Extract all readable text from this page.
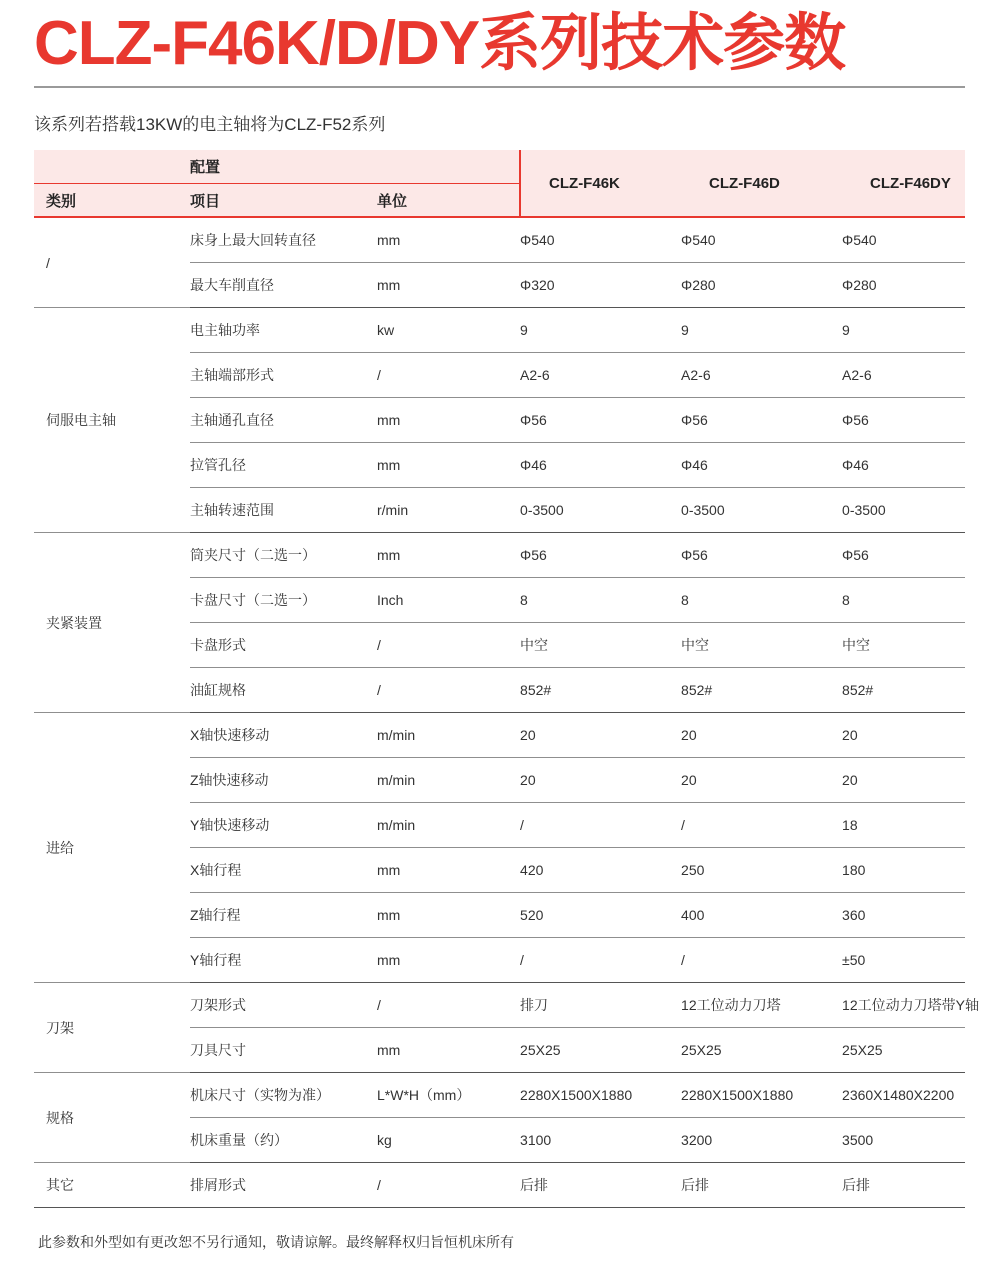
CLZ-F46K/D/DY系列技术参数
该系列若搭载13KW的电主轴将为CLZ-F52系列
配置			CLZ-F46K	CLZ-F46D	CLZ-F46DY
类别	项目	单位			
/	床身上最大回转直径	mm	Φ540	Φ540	Φ540
	最大车削直径	mm	Φ320	Φ280	Φ280
伺服电主轴	电主轴功率	kw	9	9	9
	主轴端部形式	/	A2-6	A2-6	A2-6
	主轴通孔直径	mm	Φ56	Φ56	Φ56
	拉管孔径	mm	Φ46	Φ46	Φ46
	主轴转速范围	r/min	0-3500	0-3500	0-3500
夹紧装置	筒夹尺寸（二选一）	mm	Φ56	Φ56	Φ56
	卡盘尺寸（二选一）	Inch	8	8	8
	卡盘形式	/	中空	中空	中空
	油缸规格	/	852#	852#	852#
进给	X轴快速移动	m/min	20	20	20
	Z轴快速移动	m/min	20	20	20
	Y轴快速移动	m/min	/	/	18
	X轴行程	mm	420	250	180
	Z轴行程	mm	520	400	360
	Y轴行程	mm	/	/	±50
刀架	刀架形式	/	排刀	12工位动力刀塔	12工位动力刀塔带Y轴
	刀具尺寸	mm	25X25	25X25	25X25
规格	机床尺寸（实物为准）	L*W*H（mm）	2280X1500X1880	2280X1500X1880	2360X1480X2200
	机床重量（约）	kg	3100	3200	3500
其它	排屑形式	/	后排	后排	后排
此参数和外型如有更改恕不另行通知，敬请谅解。最终解释权归旨恒机床所有
